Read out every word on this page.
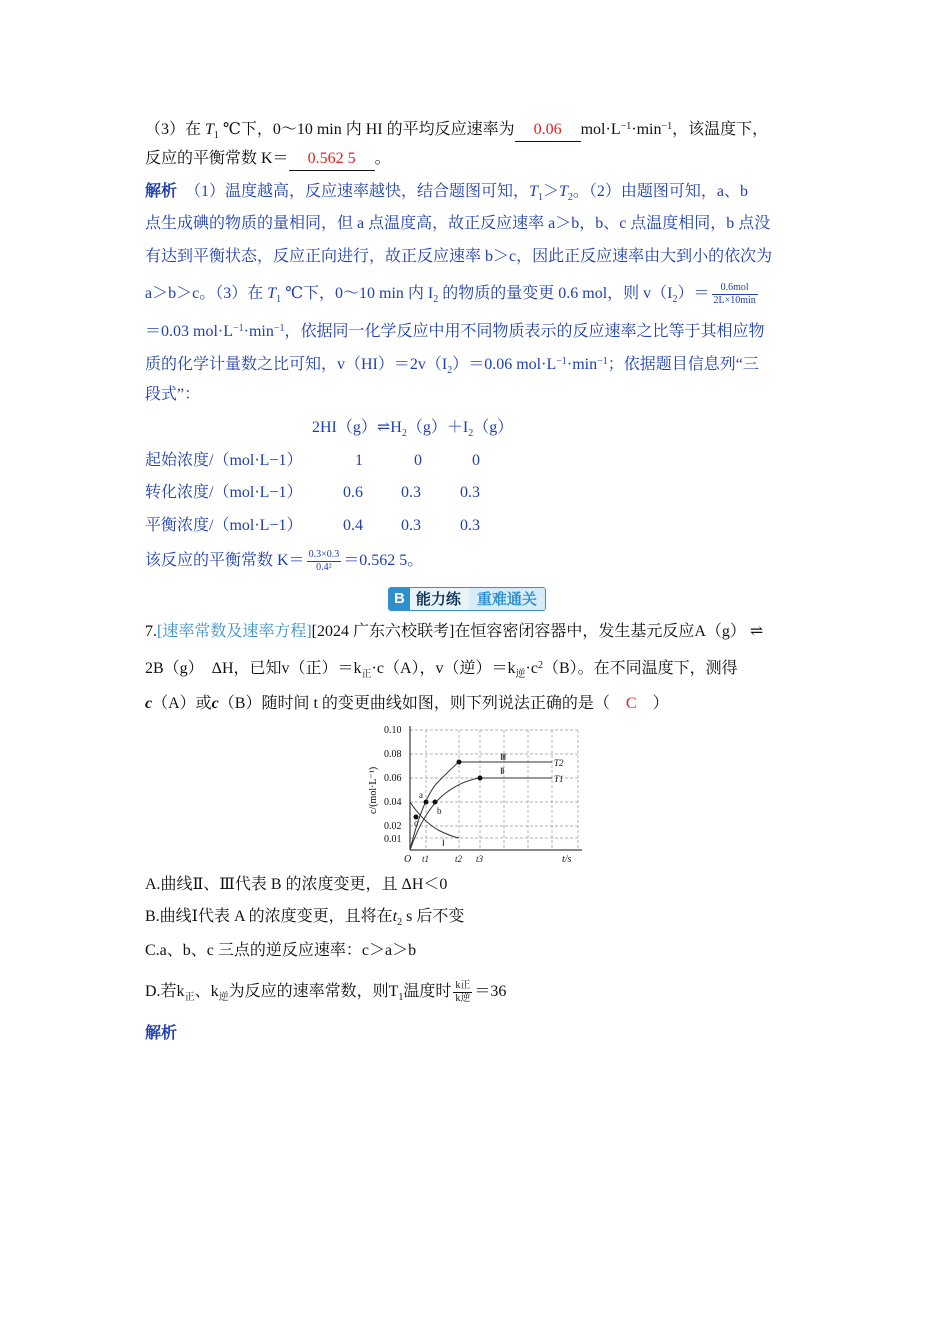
（3）在 $T_1$ ℃下，0～10 min 内 HI 的平均反应速率为 0.06 $mol\cdot L^{-1}\cdot\min^{-1}$，该温度下，
反应的平衡常数 K＝ 0.562 5 。
解析　 （1）温度越高，反应速率越快，结合题图可知，$T_1>T_2$。（2）由题图可知，a、b
点生成碘的物质的量相同，但 a 点温度高，故正反应速率 a＞b，b、c 点温度相同，b 点没
有达到平衡状态，反应正向进行，故正反应速率 b＞c，因此正反应速率由大到小的依次为
a＞b＞c。（3）在 $T_1$ ℃下，0～10 min 内 $I_2$ 的物质的量变更 0.6 mol，则 $v(I_2)= \frac{\text{0.6mol}}{2L\times 10\min}$
＝0.03 $mol\cdot L^{-1}\cdot\min^{-1}$，依据同一化学反应中用不同物质表示的反应速率之比等于其相应物
质的化学计量数之比可知，$v(HI)=2v(I_2)=0.06$ $mol\cdot L^{-1}\cdot\min^{-1}$；依据题目信息列“三
段式”：
$2HI(g)\rightleftharpoons H_2(g)+I_2(g)$
起始浓度/（mol·L−1）	1	0	0
转化浓度/（mol·L−1）	0.6 0.3 0.3
平衡浓度/（mol·L−1）	0.4 0.3 0.3
该反应的平衡常数 $K= \frac{0.3\times 0.3}{\text{0.4²}} =0.562$ 5。
B 能力练	重难通关
7.[速率常数及速率方程][2024 广东六校联考]在恒容密闭容器中，发生基元反应A（g） ⇌
2B（g）　ΔH，已知v（正）$=k_正\cdot c(A)$，v（逆）$=k_逆\cdot c^2(B)$。在不同温度下，测得
c（A）或c（B）随时间 t 的变更曲线如图，则下列说法正确的是（　C　）
0.10
0.08
0.06
0.04
0.02
0.01
O t1	t2 t3	t/s
c/(mol·L⁻¹)
Ⅲ
Ⅱ
Ⅰ
T2
T1
a
b
c
A.曲线Ⅱ、Ⅲ代表 B 的浓度变更，且 ΔH＜0
B.曲线Ⅰ代表 A 的浓度变更，且将在$t_2$ s 后不变
C.a、b、c 三点的逆反应速率：c＞a＞b
D.若$k_正$、$k_逆$为反应的速率常数，则$T_1$温度时 $\frac{\text{k正}}{\text{k逆}} =36$
解析
